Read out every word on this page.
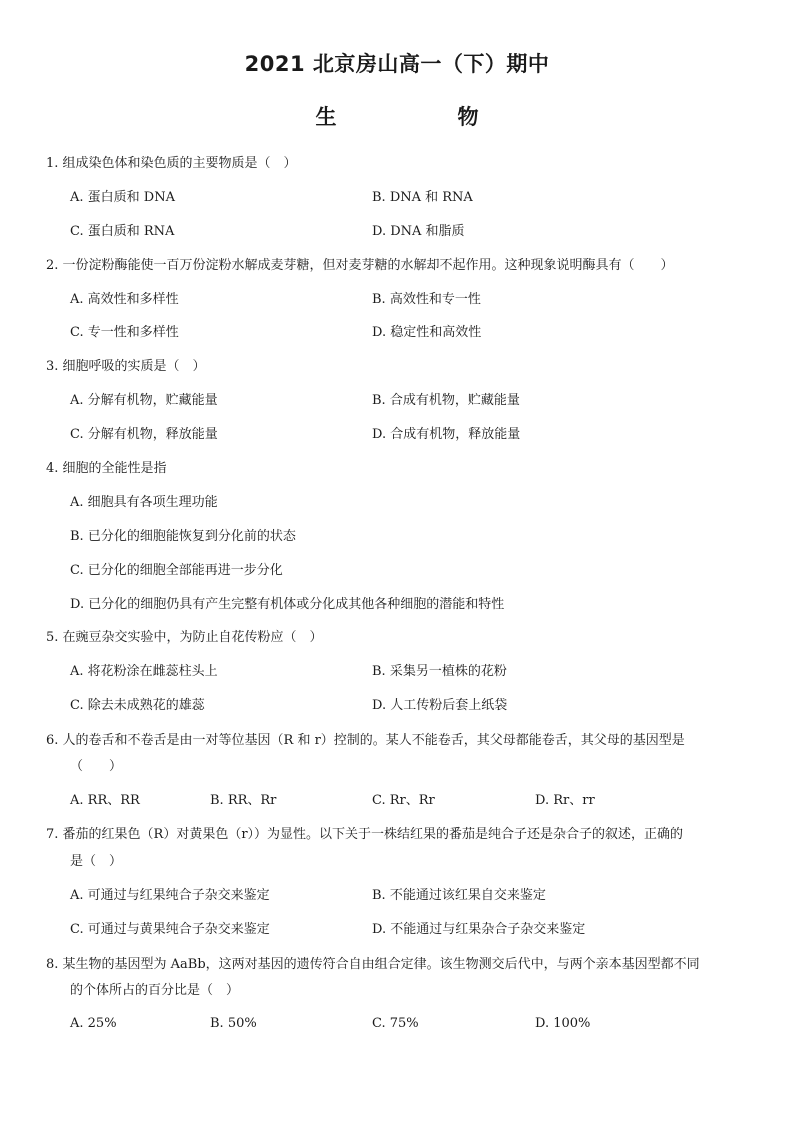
2021 北京房山高一（下）期中
生　物
1. 组成染色体和染色质的主要物质是（　）
A. 蛋白质和 DNA	B. DNA 和 RNA
C. 蛋白质和 RNA	D. DNA 和脂质
2. 一份淀粉酶能使一百万份淀粉水解成麦芽糖，但对麦芽糖的水解却不起作用。这种现象说明酶具有（　　）
A. 高效性和多样性	B. 高效性和专一性
C. 专一性和多样性	D. 稳定性和高效性
3. 细胞呼吸的实质是（　）
A. 分解有机物，贮藏能量	B. 合成有机物，贮藏能量
C. 分解有机物，释放能量	D. 合成有机物，释放能量
4. 细胞的全能性是指
A. 细胞具有各项生理功能
B. 已分化的细胞能恢复到分化前的状态
C. 已分化的细胞全部能再进一步分化
D. 已分化的细胞仍具有产生完整有机体或分化成其他各种细胞的潜能和特性
5. 在豌豆杂交实验中，为防止自花传粉应（　）
A. 将花粉涂在雌蕊柱头上	B. 采集另一植株的花粉
C. 除去未成熟花的雄蕊	D. 人工传粉后套上纸袋
6. 人的卷舌和不卷舌是由一对等位基因（R 和 r）控制的。某人不能卷舌，其父母都能卷舌，其父母的基因型是
（　　）
A. RR、RR	B. RR、Rr	C. Rr、Rr	D. Rr、rr
7. 番茄的红果色（R）对黄果色（r））为显性。以下关于一株结红果的番茄是纯合子还是杂合子的叙述，正确的
是（　）
A. 可通过与红果纯合子杂交来鉴定	B. 不能通过该红果自交来鉴定
C. 可通过与黄果纯合子杂交来鉴定	D. 不能通过与红果杂合子杂交来鉴定
8. 某生物的基因型为 AaBb，这两对基因的遗传符合自由组合定律。该生物测交后代中，与两个亲本基因型都不同
的个体所占的百分比是（　）
A. 25%	B. 50%	C. 75%	D. 100%
